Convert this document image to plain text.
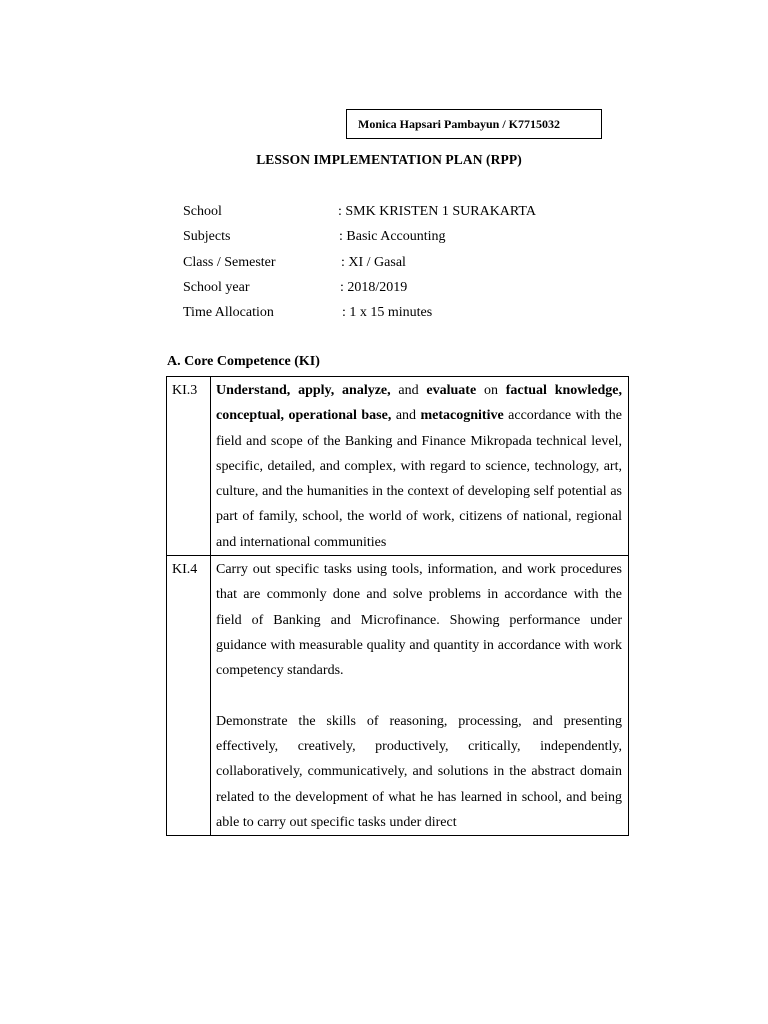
Monica Hapsari Pambayun / K7715032
LESSON IMPLEMENTATION PLAN (RPP)
School	: SMK KRISTEN 1 SURAKARTA
Subjects	: Basic Accounting
Class / Semester	: XI / Gasal
School year	: 2018/2019
Time Allocation	: 1 x 15 minutes
A. Core Competence (KI)
KI.3	Understand, apply, analyze, and evaluate on factual knowledge, conceptual, operational base, and metacognitive accordance with the field and scope of the Banking and Finance Mikropada technical level, specific, detailed, and complex, with regard to science, technology, art, culture, and the humanities in the context of developing self potential as part of family, school, the world of work, citizens of national, regional and international communities

KI.4	Carry out specific tasks using tools, information, and work procedures that are commonly done and solve problems in accordance with the field of Banking and Microfinance. Showing performance under guidance with measurable quality and quantity in accordance with work competency standards.

Demonstrate the skills of reasoning, processing, and presenting effectively, creatively, productively, critically, independently, collaboratively, communicatively, and solutions in the abstract domain related to the development of what he has learned in school, and being able to carry out specific tasks under direct
